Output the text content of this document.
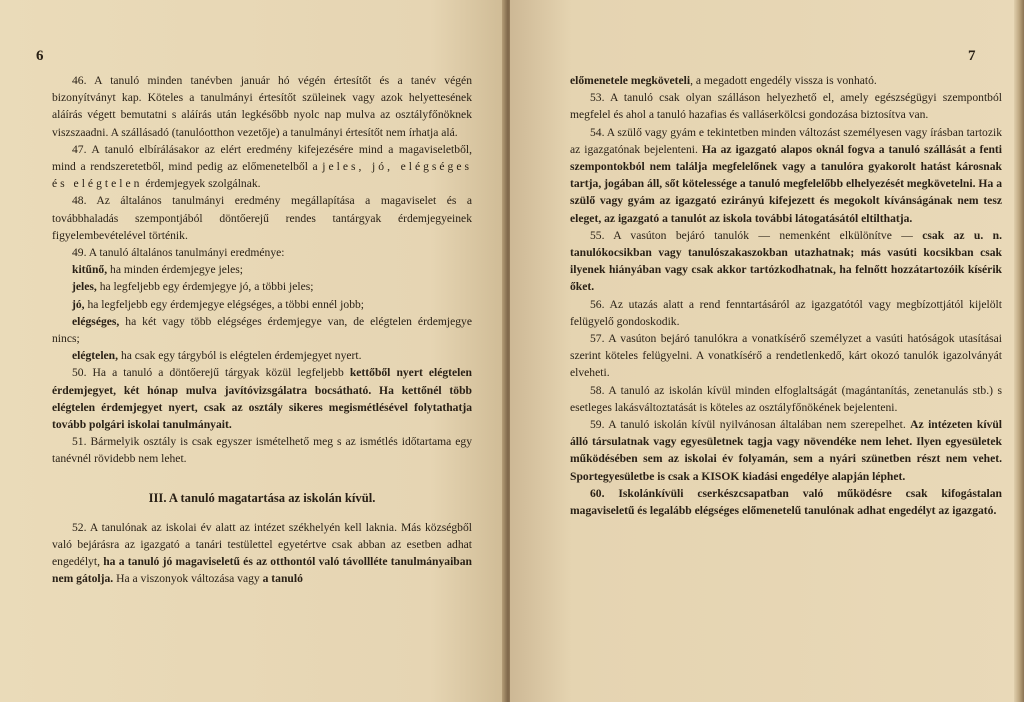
6

46. A tanuló minden tanévben január hó végén értesítőt és a tanév végén bizonyítványt kap. Köteles a tanulmányi értesítőt szüleinek vagy azok helyettesének aláírás végett bemutatni s aláírás után legkésőbb nyolc nap mulva az osztályfőnöknek viszszaadni. A szállásadó (tanulóotthon vezetője) a tanulmányi értesítőt nem írhatja alá.

47. A tanuló elbírálásakor az elért eredmény kifejezésére mind a magaviseletből, mind a rendszeretetből, mind pedig az előmenetelből a jeles, jó, elégséges és elégtelen érdemjegyek szolgálnak.

48. Az általános tanulmányi eredmény megállapítása a magaviselet és a továbbhaladás szempontjából döntőerejű rendes tantárgyak érdemjegyeinek figyelembevételével történik.

49. A tanuló általános tanulmányi eredménye:

kitűnő, ha minden érdemjegye jeles;

jeles, ha legfeljebb egy érdemjegye jó, a többi jeles;

jó, ha legfeljebb egy érdemjegye elégséges, a többi ennél jobb;

elégséges, ha két vagy több elégséges érdemjegye van, de elégtelen érdemjegye nincs;

elégtelen, ha csak egy tárgyból is elégtelen érdemjegyet nyert.

50. Ha a tanuló a döntőerejű tárgyak közül legfeljebb kettőből nyert elégtelen érdemjegyet, két hónap mulva javítóvizsgálatra bocsátható. Ha kettőnél több elégtelen érdemjegyet nyert, csak az osztály sikeres megismétlésével folytathatja tovább polgári iskolai tanulmányait.

51. Bármelyik osztály is csak egyszer ismételhető meg s az ismétlés időtartama egy tanévnél rövidebb nem lehet.

III. A tanuló magatartása az iskolán kívül.

52. A tanulónak az iskolai év alatt az intézet székhelyén kell laknia. Más községből való bejárásra az igazgató a tanári testülettel egyetértve csak abban az esetben adhat engedélyt, ha a tanuló jó magaviseletű és az otthontól való távollléte tanulmányaiban nem gátolja. Ha a viszonyok változása vagy a tanuló

7

előmenetele megköveteli, a megadott engedély vissza is vonható.

53. A tanuló csak olyan szálláson helyezhető el, amely egészségügyi szempontból megfelel és ahol a tanuló hazafias és valláserkölcsi gondozása biztosítva van.

54. A szülő vagy gyám e tekintetben minden változást személyesen vagy írásban tartozik az igazgatónak bejelenteni. Ha az igazgató alapos oknál fogva a tanuló szállását a fenti szempontokból nem találja megfelelőnek vagy a tanulóra gyakorolt hatást károsnak tartja, jogában áll, sőt kötelessége a tanuló megfelelőbb elhelyezését megkövetelni. Ha a szülő vagy gyám az igazgató ezirányú kifejezett és megokolt kívánságának nem tesz eleget, az igazgató a tanulót az iskola további látogatásától eltilthatja.

55. A vasúton bejáró tanulók — nemenként elkülönítve — csak az u. n. tanulókocsikban vagy tanulószakaszokban utazhatnak; más vasúti kocsikban csak ilyenek hiányában vagy csak akkor tartózkodhatnak, ha felnőtt hozzátartozóik kísérik őket.

56. Az utazás alatt a rend fenntartásáról az igazgatótól vagy megbízottjától kijelölt felügyelő gondoskodik.

57. A vasúton bejáró tanulókra a vonatkísérő személyzet a vasúti hatóságok utasításai szerint köteles felügyelni. A vonatkísérő a rendetlenkedő, kárt okozó tanulók igazolványát elveheti.

58. A tanuló az iskolán kívül minden elfoglaltságát (magántanítás, zenetanulás stb.) s esetleges lakásváltoztatását is köteles az osztályfőnökének bejelenteni.

59. A tanuló iskolán kívül nyilvánosan általában nem szerepelhet. Az intézeten kívül álló társulatnak vagy egyesületnek tagja vagy növendéke nem lehet. Ilyen egyesületek működésében sem az iskolai év folyamán, sem a nyári szünetben részt nem vehet. Sportegyesületbe is csak a KISOK kiadási engedélye alapján léphet.

60. Iskolánkívüli cserkészcsapatban való működésre csak kifogástalan magaviseletű és legalább elégséges előmenetelű tanulónak adhat engedélyt az igazgató.
